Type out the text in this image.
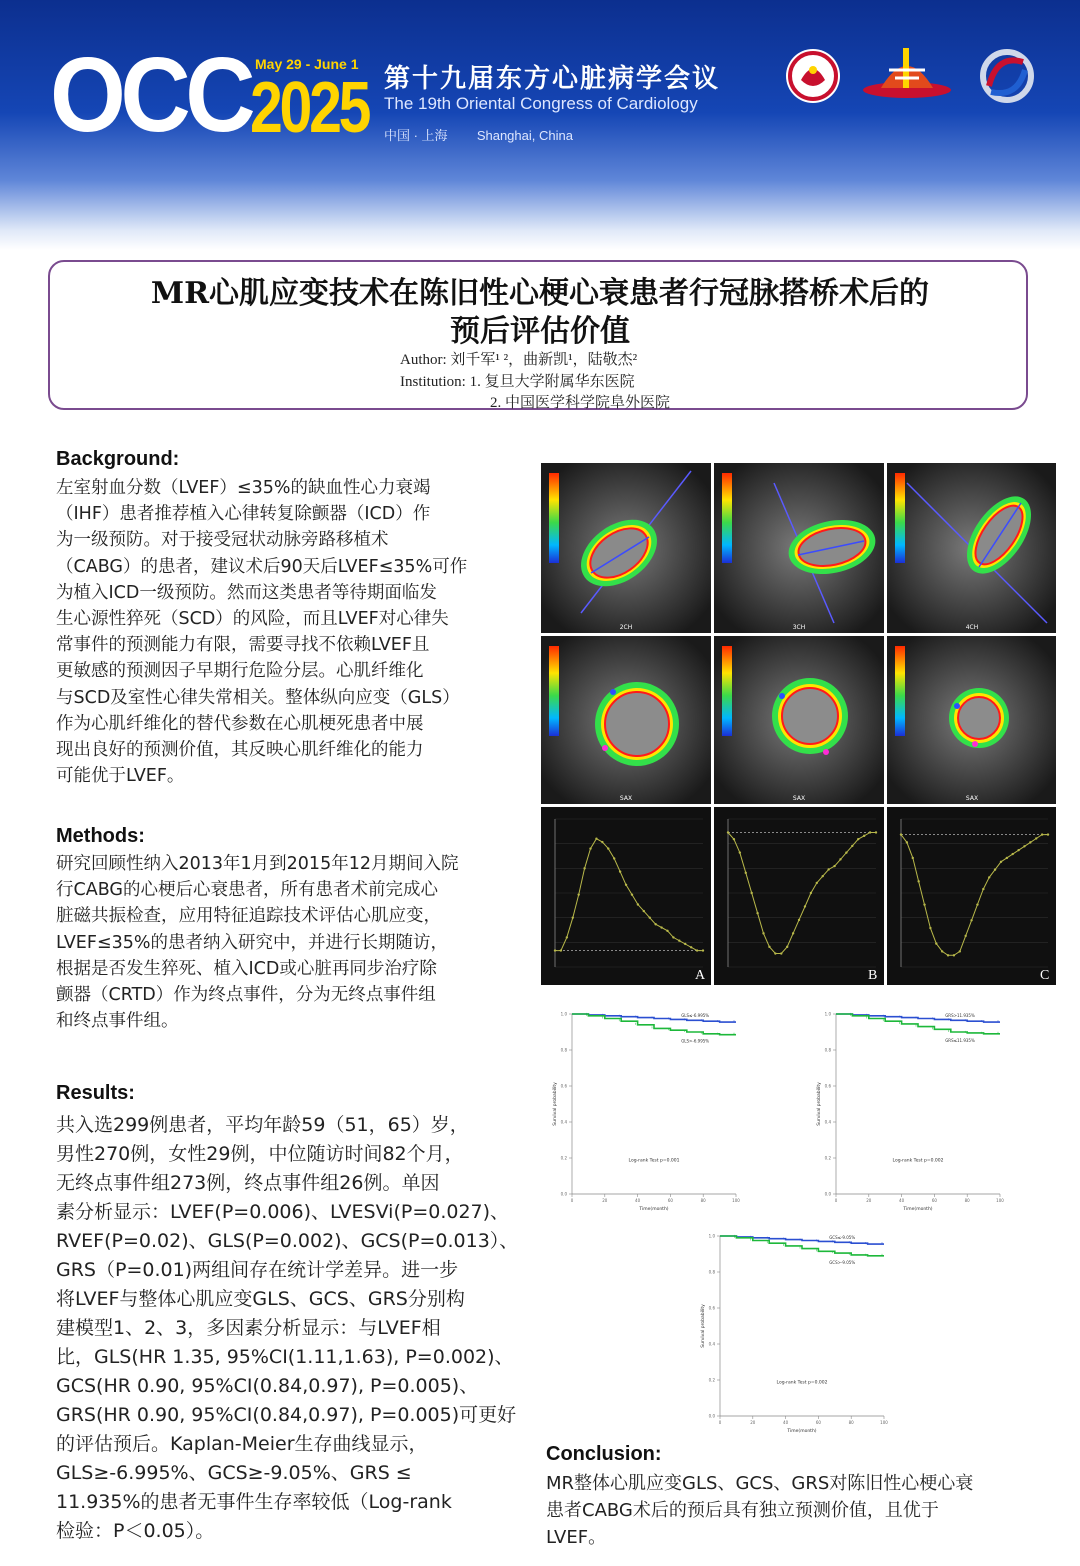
OCC May 29 - June 1
2025 第十九届东方心脏病学会议
The 19th Oriental Congress of Cardiology
中国 · 上海 Shanghai, China
MR心肌应变技术在陈旧性心梗心衰患者行冠脉搭桥术后的
预后评估价值
Author: 刘千军¹ ²，曲新凯¹，陆敬杰²
Institution: 1. 复旦大学附属华东医院
2. 中国医学科学院阜外医院
Background:

左室射血分数（LVEF）≤35%的缺血性心力衰竭
（IHF）患者推荐植入心律转复除颤器（ICD）作
为一级预防。对于接受冠状动脉旁路移植术
（CABG）的患者，建议术后90天后LVEF≤35%可作
为植入ICD一级预防。然而这类患者等待期面临发
生心源性猝死（SCD）的风险，而且LVEF对心律失
常事件的预测能力有限，需要寻找不依赖LVEF且
更敏感的预测因子早期行危险分层。心肌纤维化
与SCD及室性心律失常相关。整体纵向应变（GLS）
作为心肌纤维化的替代参数在心肌梗死患者中展
现出良好的预测价值，其反映心肌纤维化的能力
可能优于LVEF。

Methods:

研究回顾性纳入2013年1月到2015年12月期间入院
行CABG的心梗后心衰患者，所有患者术前完成心
脏磁共振检查，应用特征追踪技术评估心肌应变，
LVEF≤35%的患者纳入研究中，并进行长期随访，
根据是否发生猝死、植入ICD或心脏再同步治疗除
颤器（CRTD）作为终点事件，分为无终点事件组
和终点事件组。

Results:

共入选299例患者，平均年龄59（51，65）岁，
男性270例，女性29例，中位随访时间82个月，
无终点事件组273例，终点事件组26例。单因
素分析显示：LVEF(P=0.006)、LVESVi(P=0.027)、
RVEF(P=0.02)、GLS(P=0.002)、GCS(P=0.013）、
GRS（P=0.01)两组间存在统计学差异。进一步
将LVEF与整体心肌应变GLS、GCS、GRS分别构
建模型1、2、3，多因素分析显示：与LVEF相
比，GLS(HR 1.35, 95%CI(1.11,1.63), P=0.002)、
GCS(HR 0.90, 95%CI(0.84,0.97), P=0.005)、
GRS(HR 0.90, 95%CI(0.84,0.97), P=0.005)可更好
的评估预后。Kaplan-Meier生存曲线显示，
GLS≥-6.995%、GCS≥-9.05%、GRS ≤
11.935%的患者无事件生存率较低（Log-rank
检验：P＜0.05）。

2CH	3CH	4CH
SAX	SAX	SAX
A	B	C
0.0
0.2
0.4
0.6
0.8
1.0
0	20	40	60	80	100
Survival probability
Time(month)
GLS≤-6.995%
GLS>-6.995%
Log-rank Test p=0.001
0.0
0.2
0.4
0.6
0.8
1.0
0	20	40	60	80	100
Survival probability
Time(month)
GRS>11.935%
GRS≤11.935%
Log-rank Test p=0.002
0.0
0.2
0.4
0.6
0.8
1.0
0	20	40	60	80	100
Survival probability
Time(month)
GCS≤-9.05%
GCS>-9.05%
Log-rank Test p=0.002
Conclusion:

MR整体心肌应变GLS、GCS、GRS对陈旧性心梗心衰
患者CABG术后的预后具有独立预测价值，且优于
LVEF。
